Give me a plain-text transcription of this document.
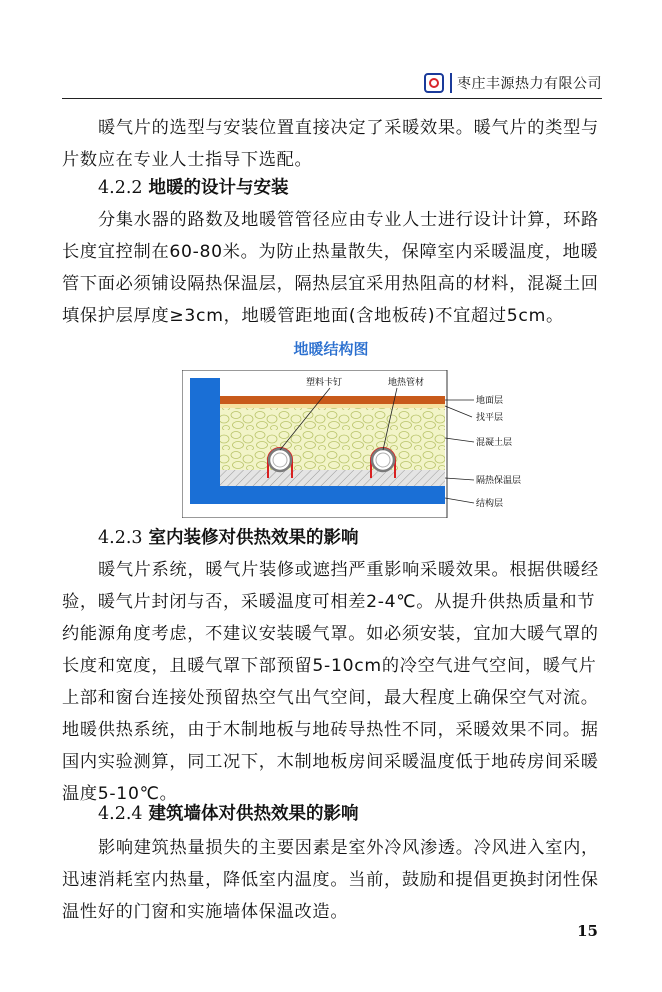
枣庄丰源热力有限公司

暖气片的选型与安装位置直接决定了采暖效果。暖气片的类型与片数应在专业人士指导下选配。

4.2.2 地暖的设计与安装

分集水器的路数及地暖管管径应由专业人士进行设计计算，环路长度宜控制在60-80米。为防止热量散失，保障室内采暖温度，地暖管下面必须铺设隔热保温层，隔热层宜采用热阻高的材料，混凝土回填保护层厚度≥3cm，地暖管距地面(含地板砖)不宜超过5cm。

地暖结构图
塑料卡钉	地热管材
地面层
找平层
混凝土层
隔热保温层
结构层
4.2.3 室内装修对供热效果的影响

暖气片系统，暖气片装修或遮挡严重影响采暖效果。根据供暖经验，暖气片封闭与否，采暖温度可相差2-4℃。从提升供热质量和节约能源角度考虑，不建议安装暖气罩。如必须安装，宜加大暖气罩的长度和宽度，且暖气罩下部预留5-10cm的冷空气进气空间，暖气片上部和窗台连接处预留热空气出气空间，最大程度上确保空气对流。地暖供热系统，由于木制地板与地砖导热性不同，采暖效果不同。据国内实验测算，同工况下，木制地板房间采暖温度低于地砖房间采暖温度5-10℃。

4.2.4 建筑墙体对供热效果的影响

影响建筑热量损失的主要因素是室外冷风渗透。冷风进入室内，迅速消耗室内热量，降低室内温度。当前，鼓励和提倡更换封闭性保温性好的门窗和实施墙体保温改造。

15
